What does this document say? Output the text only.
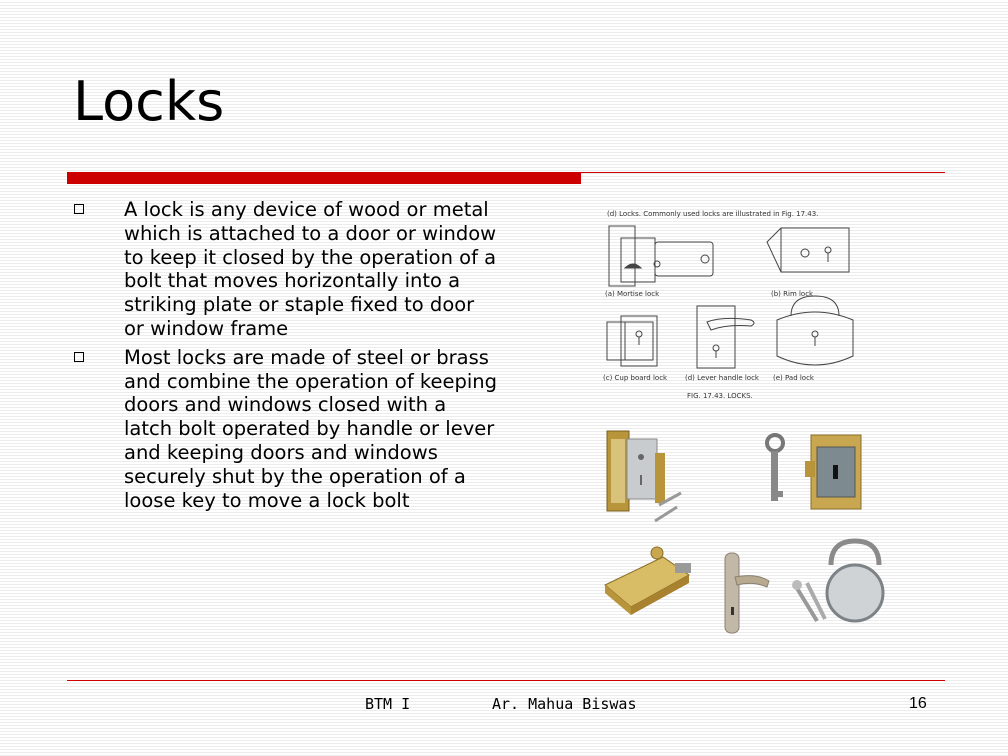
Locks
A lock is any device of wood or metal which is attached to a door or window to keep it closed by the operation of a bolt that moves horizontally into a striking plate or staple fixed to door or window frame
Most locks are made of steel or brass and combine the operation of keeping doors and windows closed with a latch bolt operated by handle or lever and keeping doors and windows securely shut by the operation of a loose key to move a lock bolt
(d) Locks. Commonly used locks are illustrated in Fig. 17.43.
(a) Mortise lock	(b) Rim lock
(c) Cup board lock	(d) Lever handle lock (e) Pad lock
FIG. 17.43. LOCKS.
BTM I	Ar. Mahua Biswas	16
